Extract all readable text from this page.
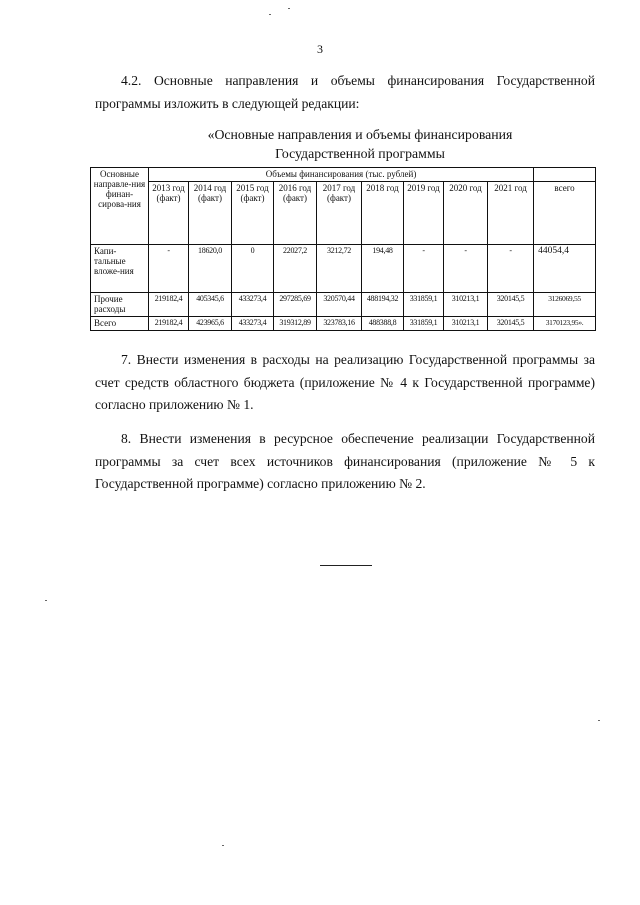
3

4.2. Основные направления и объемы финансирования Государственной программы изложить в следующей редакции:

«Основные направления и объемы финансирования
Государственной программы
Основные направле-ния финан-сирова-ния	Объемы финансирования (тыс. рублей)									
	2013 год (факт)	2014 год (факт)	2015 год (факт)	2016 год (факт)	2017 год (факт)	2018 год	2019 год	2020 год	2021 год	всего
Капи-тальные вложе-ния	-	18620,0	0	22027,2	3212,72	194,48	-	-	-	44054,4
Прочие расходы	219182,4	405345,6	433273,4	297285,69	320570,44	488194,32	331859,1	310213,1	320145,5	3126069,55
Всего	219182,4	423965,6	433273,4	319312,89	323783,16	488388,8	331859,1	310213,1	320145,5	3170123,95».

7. Внести изменения в расходы на реализацию Государственной программы за счет средств областного бюджета (приложение № 4 к Государственной программе) согласно приложению № 1.

8. Внести изменения в ресурсное обеспечение реализации Государственной программы за счет всех источников финансирования (приложение № 5 к Государственной программе) согласно приложению № 2.
